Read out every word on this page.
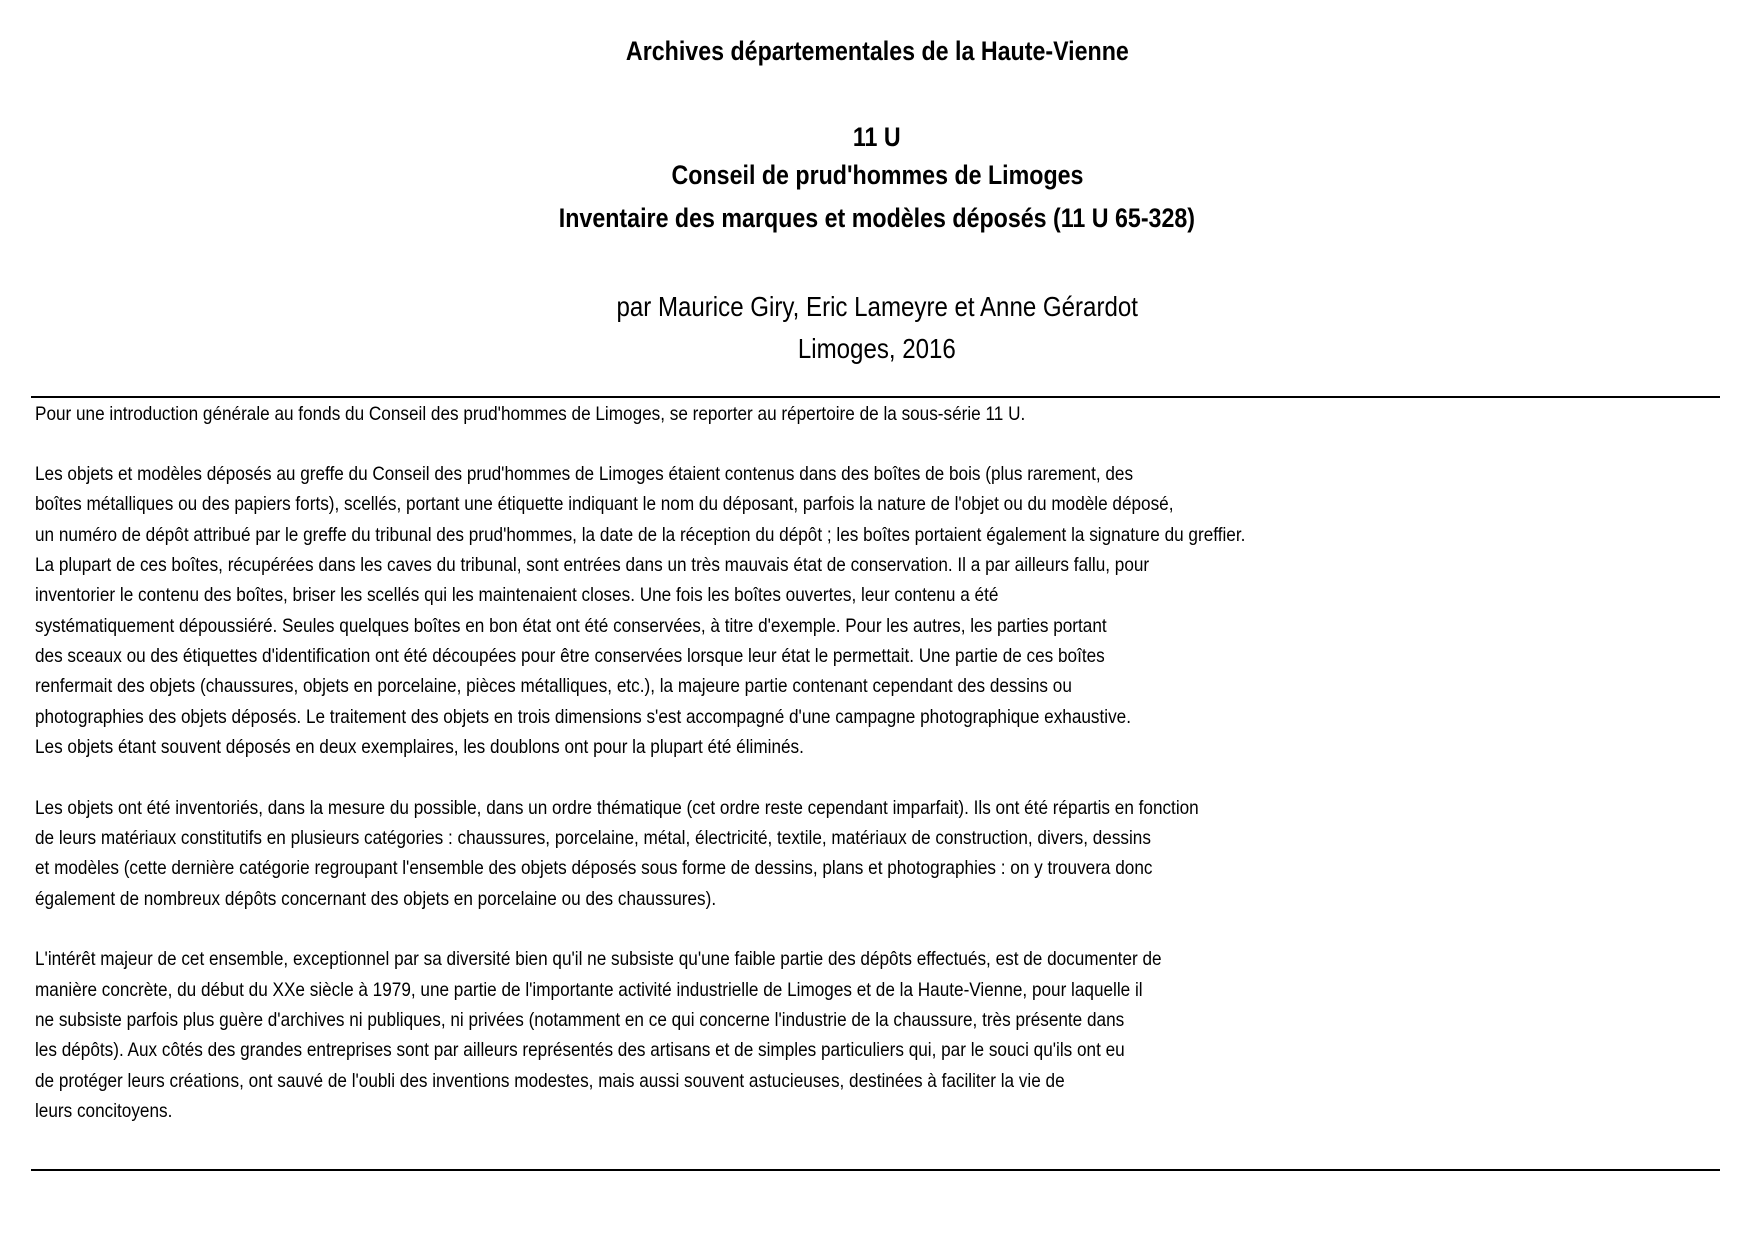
Archives départementales de la Haute-Vienne
11 U
Conseil de prud'hommes de Limoges
Inventaire des marques et modèles déposés (11 U 65-328)
par Maurice Giry, Eric Lameyre et Anne Gérardot
Limoges, 2016
Pour une introduction générale au fonds du Conseil des prud'hommes de Limoges, se reporter au répertoire de la sous-série 11 U.
Les objets et modèles déposés au greffe du Conseil des prud'hommes de Limoges étaient contenus dans des boîtes de bois (plus rarement, des
boîtes métalliques ou des papiers forts), scellés, portant une étiquette indiquant le nom du déposant, parfois la nature de l'objet ou du modèle déposé,
un numéro de dépôt attribué par le greffe du tribunal des prud'hommes, la date de la réception du dépôt ; les boîtes portaient également la signature du greffier.
La plupart de ces boîtes, récupérées dans les caves du tribunal, sont entrées dans un très mauvais état de conservation. Il a par ailleurs fallu, pour
inventorier le contenu des boîtes, briser les scellés qui les maintenaient closes. Une fois les boîtes ouvertes, leur contenu a été
systématiquement dépoussiéré. Seules quelques boîtes en bon état ont été conservées, à titre d'exemple. Pour les autres, les parties portant
des sceaux ou des étiquettes d'identification ont été découpées pour être conservées lorsque leur état le permettait. Une partie de ces boîtes
renfermait des objets (chaussures, objets en porcelaine, pièces métalliques, etc.), la majeure partie contenant cependant des dessins ou
photographies des objets déposés. Le traitement des objets en trois dimensions s'est accompagné d'une campagne photographique exhaustive.
Les objets étant souvent déposés en deux exemplaires, les doublons ont pour la plupart été éliminés.
Les objets ont été inventoriés, dans la mesure du possible, dans un ordre thématique (cet ordre reste cependant imparfait). Ils ont été répartis en fonction
de leurs matériaux constitutifs en plusieurs catégories : chaussures, porcelaine, métal, électricité, textile, matériaux de construction, divers, dessins
et modèles (cette dernière catégorie regroupant l'ensemble des objets déposés sous forme de dessins, plans et photographies : on y trouvera donc
également de nombreux dépôts concernant des objets en porcelaine ou des chaussures).
L'intérêt majeur de cet ensemble, exceptionnel par sa diversité bien qu'il ne subsiste qu'une faible partie des dépôts effectués, est de documenter de
manière concrète, du début du XXe siècle à 1979, une partie de l'importante activité industrielle de Limoges et de la Haute-Vienne, pour laquelle il
ne subsiste parfois plus guère d'archives ni publiques, ni privées (notamment en ce qui concerne l'industrie de la chaussure, très présente dans
les dépôts). Aux côtés des grandes entreprises sont par ailleurs représentés des artisans et de simples particuliers qui, par le souci qu'ils ont eu
de protéger leurs créations, ont sauvé de l'oubli des inventions modestes, mais aussi souvent astucieuses, destinées à faciliter la vie de
leurs concitoyens.
